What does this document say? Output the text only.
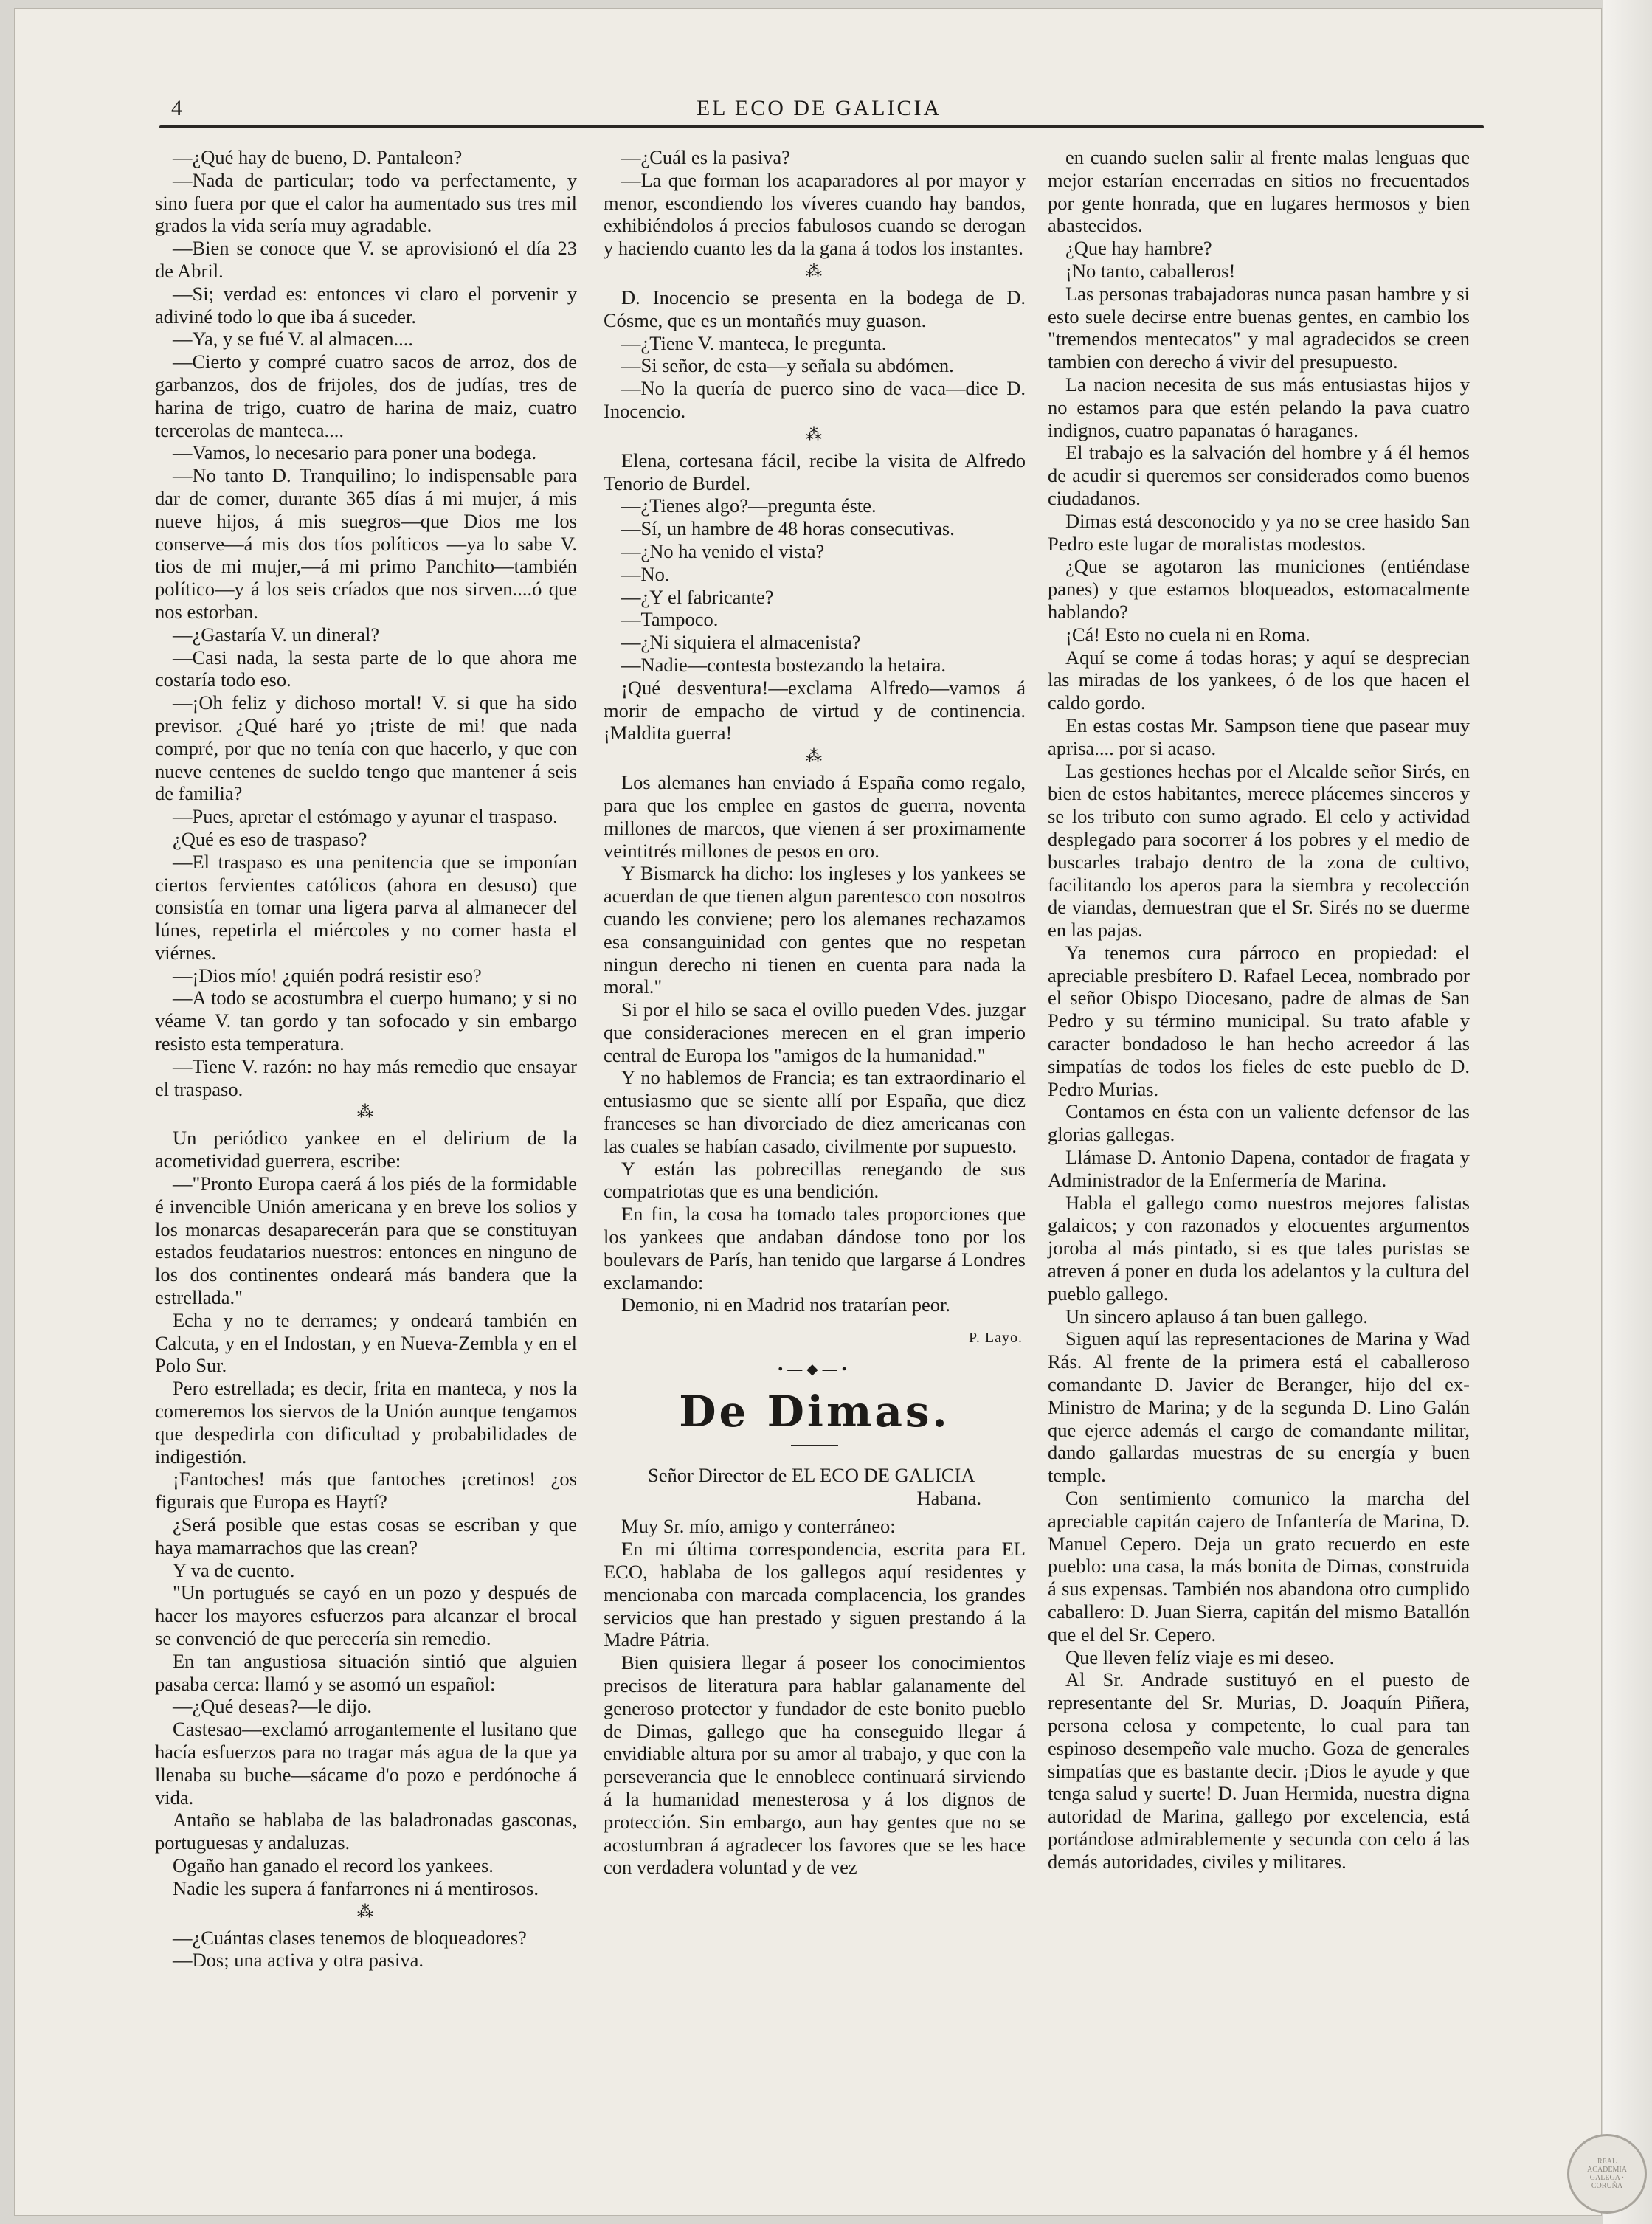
4	EL ECO DE GALICIA

—¿Qué hay de bueno, D. Pantaleon?

—Nada de particular; todo va perfectamente, y sino fuera por que el calor ha aumentado sus tres mil grados la vida sería muy agradable.

—Bien se conoce que V. se aprovisionó el día 23 de Abril.

—Si; verdad es: entonces vi claro el porvenir y adiviné todo lo que iba á suceder.

—Ya, y se fué V. al almacen....

—Cierto y compré cuatro sacos de arroz, dos de garbanzos, dos de frijoles, dos de judías, tres de harina de trigo, cuatro de harina de maiz, cuatro tercerolas de manteca....

—Vamos, lo necesario para poner una bodega.

—No tanto D. Tranquilino; lo indispensable para dar de comer, durante 365 días á mi mujer, á mis nueve hijos, á mis suegros—que Dios me los conserve—á mis dos tíos políticos —ya lo sabe V. tios de mi mujer,—á mi primo Panchito—también político—y á los seis críados que nos sirven....ó que nos estorban.

—¿Gastaría V. un dineral?

—Casi nada, la sesta parte de lo que ahora me costaría todo eso.

—¡Oh feliz y dichoso mortal! V. si que ha sido previsor. ¿Qué haré yo ¡triste de mi! que nada compré, por que no tenía con que hacerlo, y que con nueve centenes de sueldo tengo que mantener á seis de familia?

—Pues, apretar el estómago y ayunar el traspaso.

¿Qué es eso de traspaso?

—El traspaso es una penitencia que se imponían ciertos fervientes católicos (ahora en desuso) que consistía en tomar una ligera parva al almanecer del lúnes, repetirla el miércoles y no comer hasta el viérnes.

—¡Dios mío! ¿quién podrá resistir eso?

—A todo se acostumbra el cuerpo humano; y si no véame V. tan gordo y tan sofocado y sin embargo resisto esta temperatura.

—Tiene V. razón: no hay más remedio que ensayar el traspaso.

⁂

Un periódico yankee en el delirium de la acometividad guerrera, escribe:

—"Pronto Europa caerá á los piés de la formidable é invencible Unión americana y en breve los solios y los monarcas desaparecerán para que se constituyan estados feudatarios nuestros: entonces en ninguno de los dos continentes ondeará más bandera que la estrellada."

Echa y no te derrames; y ondeará también en Calcuta, y en el Indostan, y en Nueva-Zembla y en el Polo Sur.

Pero estrellada; es decir, frita en manteca, y nos la comeremos los siervos de la Unión aunque tengamos que despedirla con dificultad y probabilidades de indigestión.

¡Fantoches! más que fantoches ¡cretinos! ¿os figurais que Europa es Haytí?

¿Será posible que estas cosas se escriban y que haya mamarrachos que las crean?

Y va de cuento.

"Un portugués se cayó en un pozo y después de hacer los mayores esfuerzos para alcanzar el brocal se convenció de que perecería sin remedio.

En tan angustiosa situación sintió que alguien pasaba cerca: llamó y se asomó un español:

—¿Qué deseas?—le dijo.

Castesao—exclamó arrogantemente el lusitano que hacía esfuerzos para no tragar más agua de la que ya llenaba su buche—sácame d'o pozo e perdónoche á vida.

Antaño se hablaba de las baladronadas gasconas, portuguesas y andaluzas.

Ogaño han ganado el record los yankees.

Nadie les supera á fanfarrones ni á mentirosos.

⁂

—¿Cuántas clases tenemos de bloqueadores?

—Dos; una activa y otra pasiva.

—¿Cuál es la pasiva?

—La que forman los acaparadores al por mayor y menor, escondiendo los víveres cuando hay bandos, exhibiéndolos á precios fabulosos cuando se derogan y haciendo cuanto les da la gana á todos los instantes.

⁂

D. Inocencio se presenta en la bodega de D. Cósme, que es un montañés muy guason.

—¿Tiene V. manteca, le pregunta.

—Si señor, de esta—y señala su abdómen.

—No la quería de puerco sino de vaca—dice D. Inocencio.

⁂

Elena, cortesana fácil, recibe la visita de Alfredo Tenorio de Burdel.

—¿Tienes algo?—pregunta éste.

—Sí, un hambre de 48 horas consecutivas.

—¿No ha venido el vista?

—No.

—¿Y el fabricante?

—Tampoco.

—¿Ni siquiera el almacenista?

—Nadie—contesta bostezando la hetaira.

¡Qué desventura!—exclama Alfredo—vamos á morir de empacho de virtud y de continencia. ¡Maldita guerra!

⁂

Los alemanes han enviado á España como regalo, para que los emplee en gastos de guerra, noventa millones de marcos, que vienen á ser proximamente veintitrés millones de pesos en oro.

Y Bismarck ha dicho: los ingleses y los yankees se acuerdan de que tienen algun parentesco con nosotros cuando les conviene; pero los alemanes rechazamos esa consanguinidad con gentes que no respetan ningun derecho ni tienen en cuenta para nada la moral."

Si por el hilo se saca el ovillo pueden Vdes. juzgar que consideraciones merecen en el gran imperio central de Europa los "amigos de la humanidad."

Y no hablemos de Francia; es tan extraordinario el entusiasmo que se siente allí por España, que diez franceses se han divorciado de diez americanas con las cuales se habían casado, civilmente por supuesto.

Y están las pobrecillas renegando de sus compatriotas que es una bendición.

En fin, la cosa ha tomado tales proporciones que los yankees que andaban dándose tono por los boulevars de París, han tenido que largarse á Londres exclamando:

Demonio, ni en Madrid nos tratarían peor.

P. Layo.
•—◆—•
De Dimas.

Señor Director de EL ECO DE GALICIA

Habana.

Muy Sr. mío, amigo y conterráneo:

En mi última correspondencia, escrita para EL ECO, hablaba de los gallegos aquí residentes y mencionaba con marcada complacencia, los grandes servicios que han prestado y siguen prestando á la Madre Pátria.

Bien quisiera llegar á poseer los conocimientos precisos de literatura para hablar galanamente del generoso protector y fundador de este bonito pueblo de Dimas, gallego que ha conseguido llegar á envidiable altura por su amor al trabajo, y que con la perseverancia que le ennoblece continuará sirviendo á la humanidad menesterosa y á los dignos de protección. Sin embargo, aun hay gentes que no se acostumbran á agradecer los favores que se les hace con verdadera voluntad y de vez

en cuando suelen salir al frente malas lenguas que mejor estarían encerradas en sitios no frecuentados por gente honrada, que en lugares hermosos y bien abastecidos.

¿Que hay hambre?

¡No tanto, caballeros!

Las personas trabajadoras nunca pasan hambre y si esto suele decirse entre buenas gentes, en cambio los "tremendos mentecatos" y mal agradecidos se creen tambien con derecho á vivir del presupuesto.

La nacion necesita de sus más entusiastas hijos y no estamos para que estén pelando la pava cuatro indignos, cuatro papanatas ó haraganes.

El trabajo es la salvación del hombre y á él hemos de acudir si queremos ser considerados como buenos ciudadanos.

Dimas está desconocido y ya no se cree hasido San Pedro este lugar de moralistas modestos.

¿Que se agotaron las municiones (entiéndase panes) y que estamos bloqueados, estomacalmente hablando?

¡Cá! Esto no cuela ni en Roma.

Aquí se come á todas horas; y aquí se desprecian las miradas de los yankees, ó de los que hacen el caldo gordo.

En estas costas Mr. Sampson tiene que pasear muy aprisa.... por si acaso.

Las gestiones hechas por el Alcalde señor Sirés, en bien de estos habitantes, merece plácemes sinceros y se los tributo con sumo agrado. El celo y actividad desplegado para socorrer á los pobres y el medio de buscarles trabajo dentro de la zona de cultivo, facilitando los aperos para la siembra y recolección de viandas, demuestran que el Sr. Sirés no se duerme en las pajas.

Ya tenemos cura párroco en propiedad: el apreciable presbítero D. Rafael Lecea, nombrado por el señor Obispo Diocesano, padre de almas de San Pedro y su término municipal. Su trato afable y caracter bondadoso le han hecho acreedor á las simpatías de todos los fieles de este pueblo de D. Pedro Murias.

Contamos en ésta con un valiente defensor de las glorias gallegas.

Llámase D. Antonio Dapena, contador de fragata y Administrador de la Enfermería de Marina.

Habla el gallego como nuestros mejores falistas galaicos; y con razonados y elocuentes argumentos joroba al más pintado, si es que tales puristas se atreven á poner en duda los adelantos y la cultura del pueblo gallego.

Un sincero aplauso á tan buen gallego.

Siguen aquí las representaciones de Marina y Wad Rás. Al frente de la primera está el caballeroso comandante D. Javier de Beranger, hijo del ex-Ministro de Marina; y de la segunda D. Lino Galán que ejerce además el cargo de comandante militar, dando gallardas muestras de su energía y buen temple.

Con sentimiento comunico la marcha del apreciable capitán cajero de Infantería de Marina, D. Manuel Cepero. Deja un grato recuerdo en este pueblo: una casa, la más bonita de Dimas, construida á sus expensas. También nos abandona otro cumplido caballero: D. Juan Sierra, capitán del mismo Batallón que el del Sr. Cepero.

Que lleven felíz viaje es mi deseo.

Al Sr. Andrade sustituyó en el puesto de representante del Sr. Murias, D. Joaquín Piñera, persona celosa y competente, lo cual para tan espinoso desempeño vale mucho. Goza de generales simpatías que es bastante decir. ¡Dios le ayude y que tenga salud y suerte! D. Juan Hermida, nuestra digna autoridad de Marina, gallego por excelencia, está portándose admirablemente y secunda con celo á las demás autoridades, civiles y militares.

REAL ACADEMIA GALEGA · CORUÑA
